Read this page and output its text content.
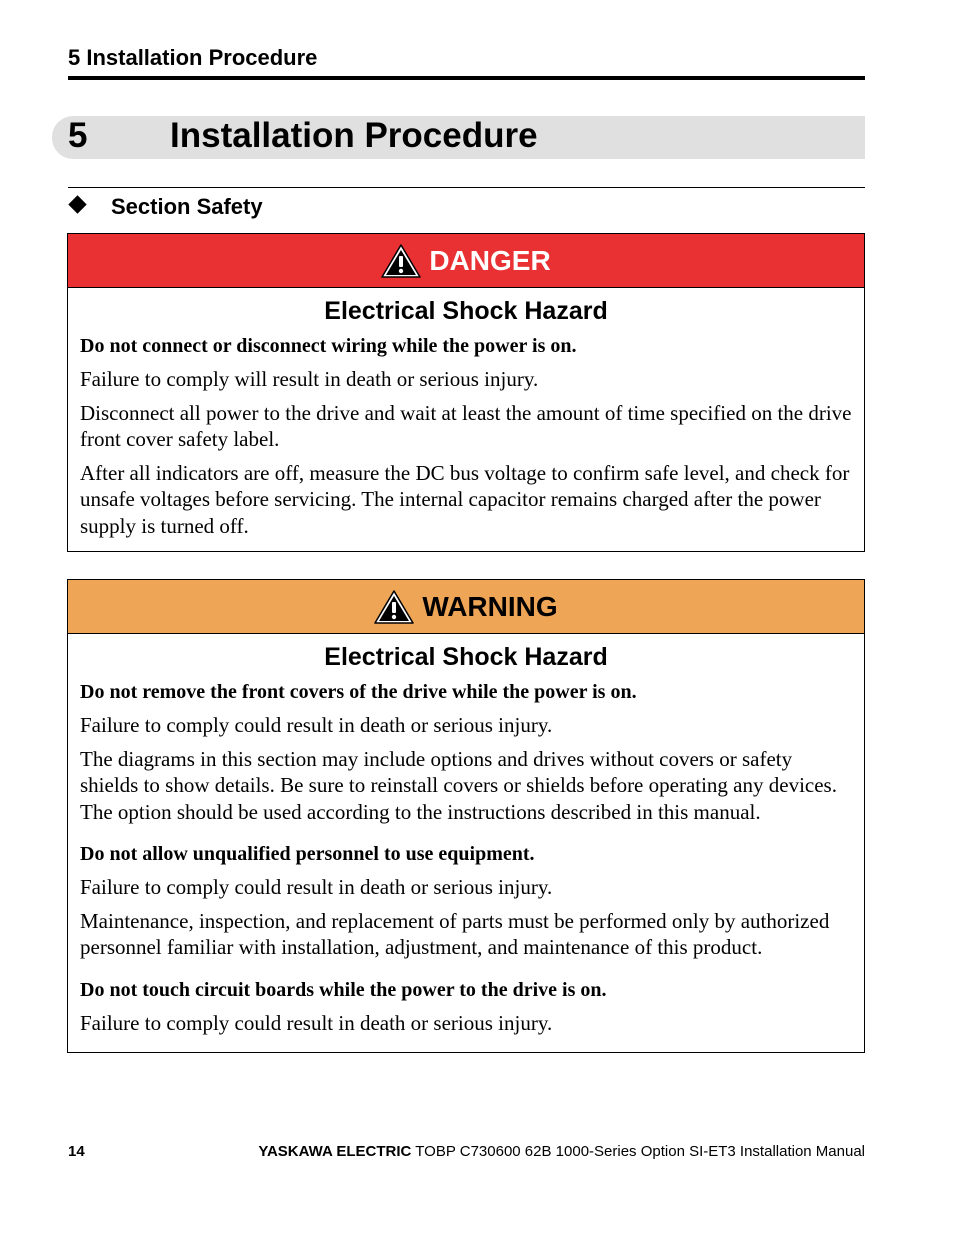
5 Installation Procedure
5 Installation Procedure
Section Safety
DANGER
Electrical Shock Hazard
Do not connect or disconnect wiring while the power is on.
Failure to comply will result in death or serious injury.
Disconnect all power to the drive and wait at least the amount of time specified on the drive front cover safety label.
After all indicators are off, measure the DC bus voltage to confirm safe level, and check for unsafe voltages before servicing. The internal capacitor remains charged after the power supply is turned off.
WARNING
Electrical Shock Hazard
Do not remove the front covers of the drive while the power is on.
Failure to comply could result in death or serious injury.
The diagrams in this section may include options and drives without covers or safety shields to show details. Be sure to reinstall covers or shields before operating any devices. The option should be used according to the instructions described in this manual.
Do not allow unqualified personnel to use equipment.
Failure to comply could result in death or serious injury.
Maintenance, inspection, and replacement of parts must be performed only by authorized personnel familiar with installation, adjustment, and maintenance of this product.
Do not touch circuit boards while the power to the drive is on.
Failure to comply could result in death or serious injury.
14	YASKAWA ELECTRIC TOBP C730600 62B 1000-Series Option SI-ET3 Installation Manual
